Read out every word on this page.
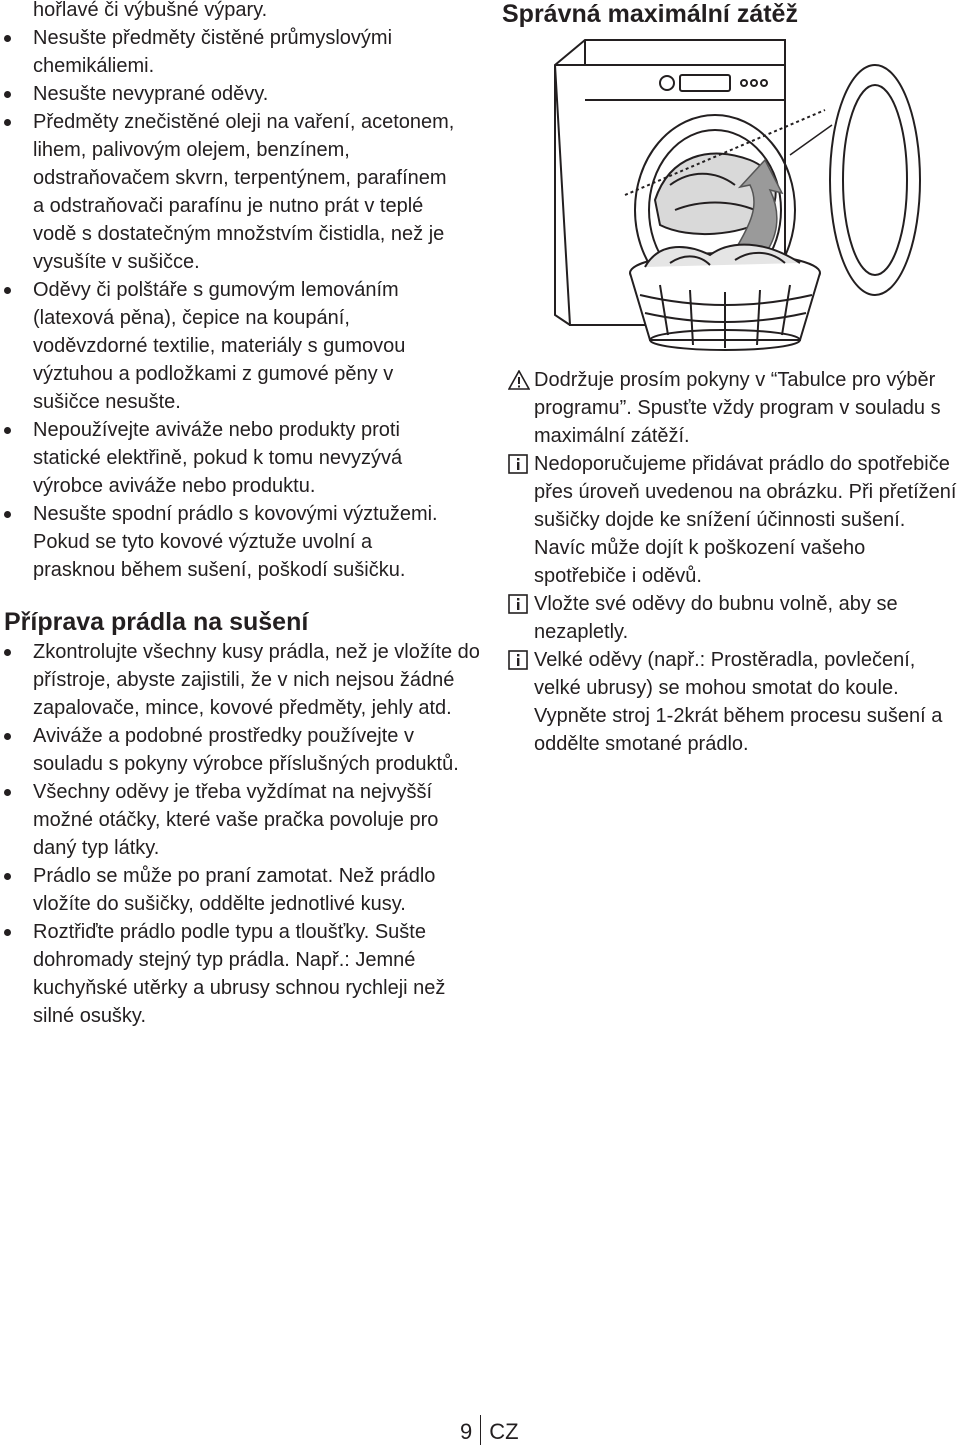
hořlavé či výbušné výpary.

Nesušte předměty čistěné průmyslovými chemikáliemi.
Nesušte nevyprané oděvy.
Předměty znečistěné oleji na vaření, acetonem, lihem, palivovým olejem, benzínem, odstraňovačem skvrn, terpentýnem, parafínem a odstraňovači parafínu je nutno prát v teplé vodě s dostatečným množstvím čistidla, než je vysušíte v sušičce.
Oděvy či polštáře s gumovým lemováním (latexová pěna), čepice na koupání, voděvzdorné textilie, materiály s gumovou výztuhou a podložkami z gumové pěny v sušičce nesušte.
Nepoužívejte aviváže nebo produkty proti statické elektřině, pokud k tomu nevyzývá výrobce aviváže nebo produktu.
Nesušte spodní prádlo s kovovými výztužemi. Pokud se tyto kovové výztuže uvolní a prasknou během sušení, poškodí sušičku.
Příprava prádla na sušení
Zkontrolujte všechny kusy prádla, než je vložíte do přístroje, abyste zajistili, že v nich nejsou žádné zapalovače, mince, kovové předměty, jehly atd.
Aviváže a podobné prostředky používejte v souladu s pokyny výrobce příslušných produktů.
Všechny oděvy je třeba vyždímat na nejvyšší možné otáčky, které vaše pračka povoluje pro daný typ látky.
Prádlo se může po praní zamotat. Než prádlo vložíte do sušičky, oddělte jednotlivé kusy.
Roztřiďte prádlo podle typu a tloušťky. Sušte dohromady stejný typ prádla. Např.: Jemné kuchyňské utěrky a ubrusy schnou rychleji než silné osušky.
Správná maximální zátěž

Dodržuje prosím pokyny v “Tabulce pro výběr programu”. Spusťte vždy program v souladu s maximální zátěží.

Nedoporučujeme přidávat prádlo do spotřebiče přes úroveň uvedenou na obrázku. Při přetížení sušičky dojde ke snížení účinnosti sušení. Navíc může dojít k poškození vašeho spotřebiče i oděvů.

Vložte své oděvy do bubnu volně, aby se nezapletly.

Velké oděvy (např.: Prostěradla, povlečení, velké ubrusy) se mohou smotat do koule. Vypněte stroj 1-2krát během procesu sušení a oddělte smotané prádlo.

9 CZ
